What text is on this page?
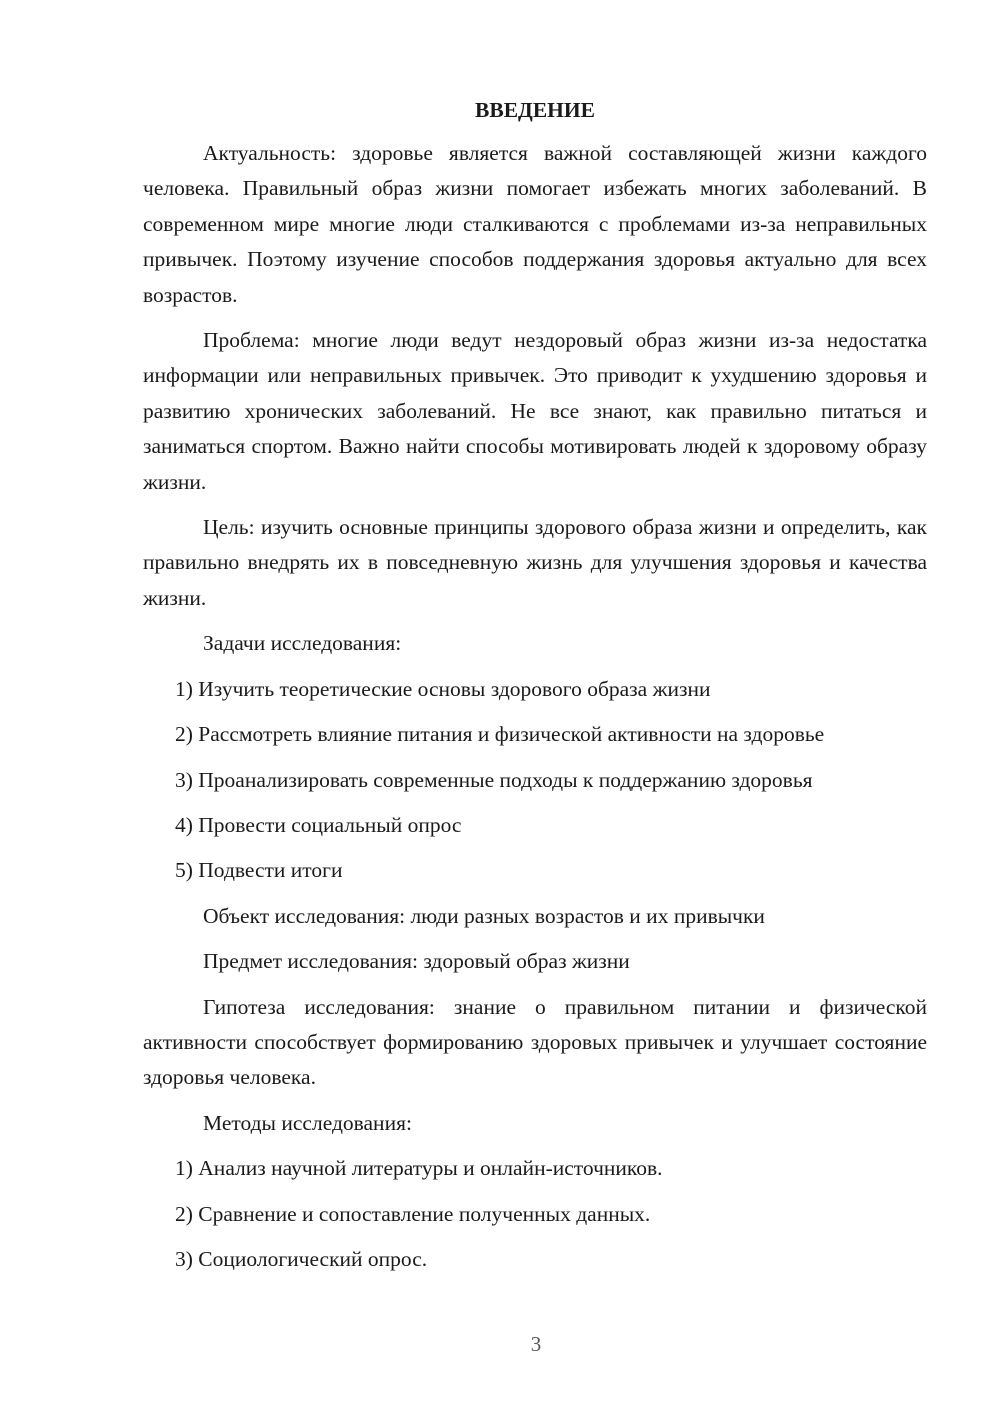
ВВЕДЕНИЕ

Актуальность: здоровье является важной составляющей жизни каждого человека. Правильный образ жизни помогает избежать многих заболеваний. В современном мире многие люди сталкиваются с проблемами из-за неправильных привычек. Поэтому изучение способов поддержания здоровья актуально для всех возрастов.

Проблема: многие люди ведут нездоровый образ жизни из-за недостатка информации или неправильных привычек. Это приводит к ухудшению здоровья и развитию хронических заболеваний. Не все знают, как правильно питаться и заниматься спортом. Важно найти способы мотивировать людей к здоровому образу жизни.

Цель: изучить основные принципы здорового образа жизни и определить, как правильно внедрять их в повседневную жизнь для улучшения здоровья и качества жизни.

Задачи исследования:
1) Изучить теоретические основы здорового образа жизни
2) Рассмотреть влияние питания и физической активности на здоровье
3) Проанализировать современные подходы к поддержанию здоровья
4) Провести социальный опрос
5) Подвести итоги
Объект исследования: люди разных возрастов и их привычки
Предмет исследования: здоровый образ жизни

Гипотеза исследования: знание о правильном питании и физической активности способствует формированию здоровых привычек и улучшает состояние здоровья человека.

Методы исследования:
1) Анализ научной литературы и онлайн-источников.
2) Сравнение и сопоставление полученных данных.
3) Социологический опрос.
3
